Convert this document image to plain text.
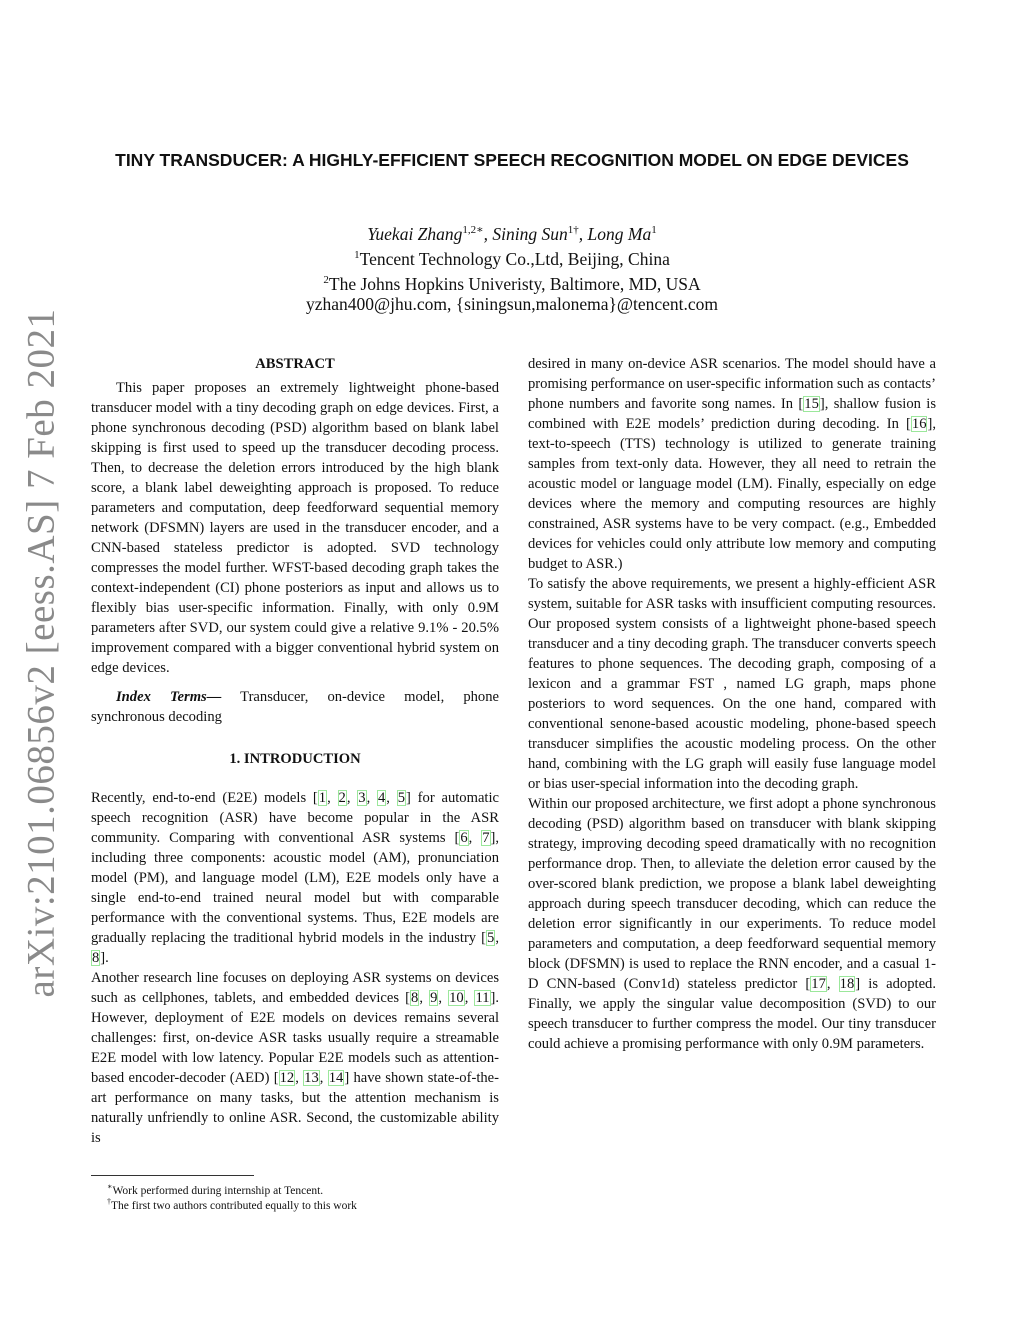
arXiv:2101.06856v2 [eess.AS] 7 Feb 2021
TINY TRANSDUCER: A HIGHLY-EFFICIENT SPEECH RECOGNITION MODEL ON EDGE DEVICES
Yuekai Zhang$^{1,2∗}$, Sining Sun$^{1\dagger}$, Long Ma$^1$
$^1$Tencent Technology Co.,Ltd, Beijing, China
$^2$The Johns Hopkins Univeristy, Baltimore, MD, USA
yzhan400@jhu.com, {siningsun,malonema}@tencent.com

ABSTRACT

This paper proposes an extremely lightweight phone-based transducer model with a tiny decoding graph on edge devices. First, a phone synchronous decoding (PSD) algorithm based on blank label skipping is first used to speed up the transducer decoding process. Then, to decrease the deletion errors introduced by the high blank score, a blank label deweighting approach is proposed. To reduce parameters and computation, deep feedforward sequential memory network (DFSMN) layers are used in the transducer encoder, and a CNN-based stateless predictor is adopted. SVD technology compresses the model further. WFST-based decoding graph takes the context-independent (CI) phone posteriors as input and allows us to flexibly bias user-specific information. Finally, with only 0.9M parameters after SVD, our system could give a relative 9.1% - 20.5% improvement compared with a bigger conventional hybrid system on edge devices.

Index Terms— Transducer, on-device model, phone synchronous decoding

1. INTRODUCTION

Recently, end-to-end (E2E) models [1, 2, 3, 4, 5] for automatic speech recognition (ASR) have become popular in the ASR community. Comparing with conventional ASR systems [6, 7], including three components: acoustic model (AM), pronunciation model (PM), and language model (LM), E2E models only have a single end-to-end trained neural model but with comparable performance with the conventional systems. Thus, E2E models are gradually replacing the traditional hybrid models in the industry [5, 8].

Another research line focuses on deploying ASR systems on devices such as cellphones, tablets, and embedded devices [8, 9, 10, 11]. However, deployment of E2E models on devices remains several challenges: first, on-device ASR tasks usually require a streamable E2E model with low latency. Popular E2E models such as attention-based encoder-decoder (AED) [12, 13, 14] have shown state-of-the-art performance on many tasks, but the attention mechanism is naturally unfriendly to online ASR. Second, the customizable ability is

desired in many on-device ASR scenarios. The model should have a promising performance on user-specific information such as contacts’ phone numbers and favorite song names. In [15], shallow fusion is combined with E2E models’ prediction during decoding. In [16], text-to-speech (TTS) technology is utilized to generate training samples from text-only data. However, they all need to retrain the acoustic model or language model (LM). Finally, especially on edge devices where the memory and computing resources are highly constrained, ASR systems have to be very compact. (e.g., Embedded devices for vehicles could only attribute low memory and computing budget to ASR.)

To satisfy the above requirements, we present a highly-efficient ASR system, suitable for ASR tasks with insufficient computing resources. Our proposed system consists of a lightweight phone-based speech transducer and a tiny decoding graph. The transducer converts speech features to phone sequences. The decoding graph, composing of a lexicon and a grammar FST , named LG graph, maps phone posteriors to word sequences. On the one hand, compared with conventional senone-based acoustic modeling, phone-based speech transducer simplifies the acoustic modeling process. On the other hand, combining with the LG graph will easily fuse language model or bias user-special information into the decoding graph.

Within our proposed architecture, we first adopt a phone synchronous decoding (PSD) algorithm based on transducer with blank skipping strategy, improving decoding speed dramatically with no recognition performance drop. Then, to alleviate the deletion error caused by the over-scored blank prediction, we propose a blank label deweighting approach during speech transducer decoding, which can reduce the deletion error significantly in our experiments. To reduce model parameters and computation, a deep feedforward sequential memory block (DFSMN) is used to replace the RNN encoder, and a casual 1-D CNN-based (Conv1d) stateless predictor [17, 18] is adopted. Finally, we apply the singular value decomposition (SVD) to our speech transducer to further compress the model. Our tiny transducer could achieve a promising performance with only 0.9M parameters.

∗Work performed during internship at Tencent.
†The first two authors contributed equally to this work
